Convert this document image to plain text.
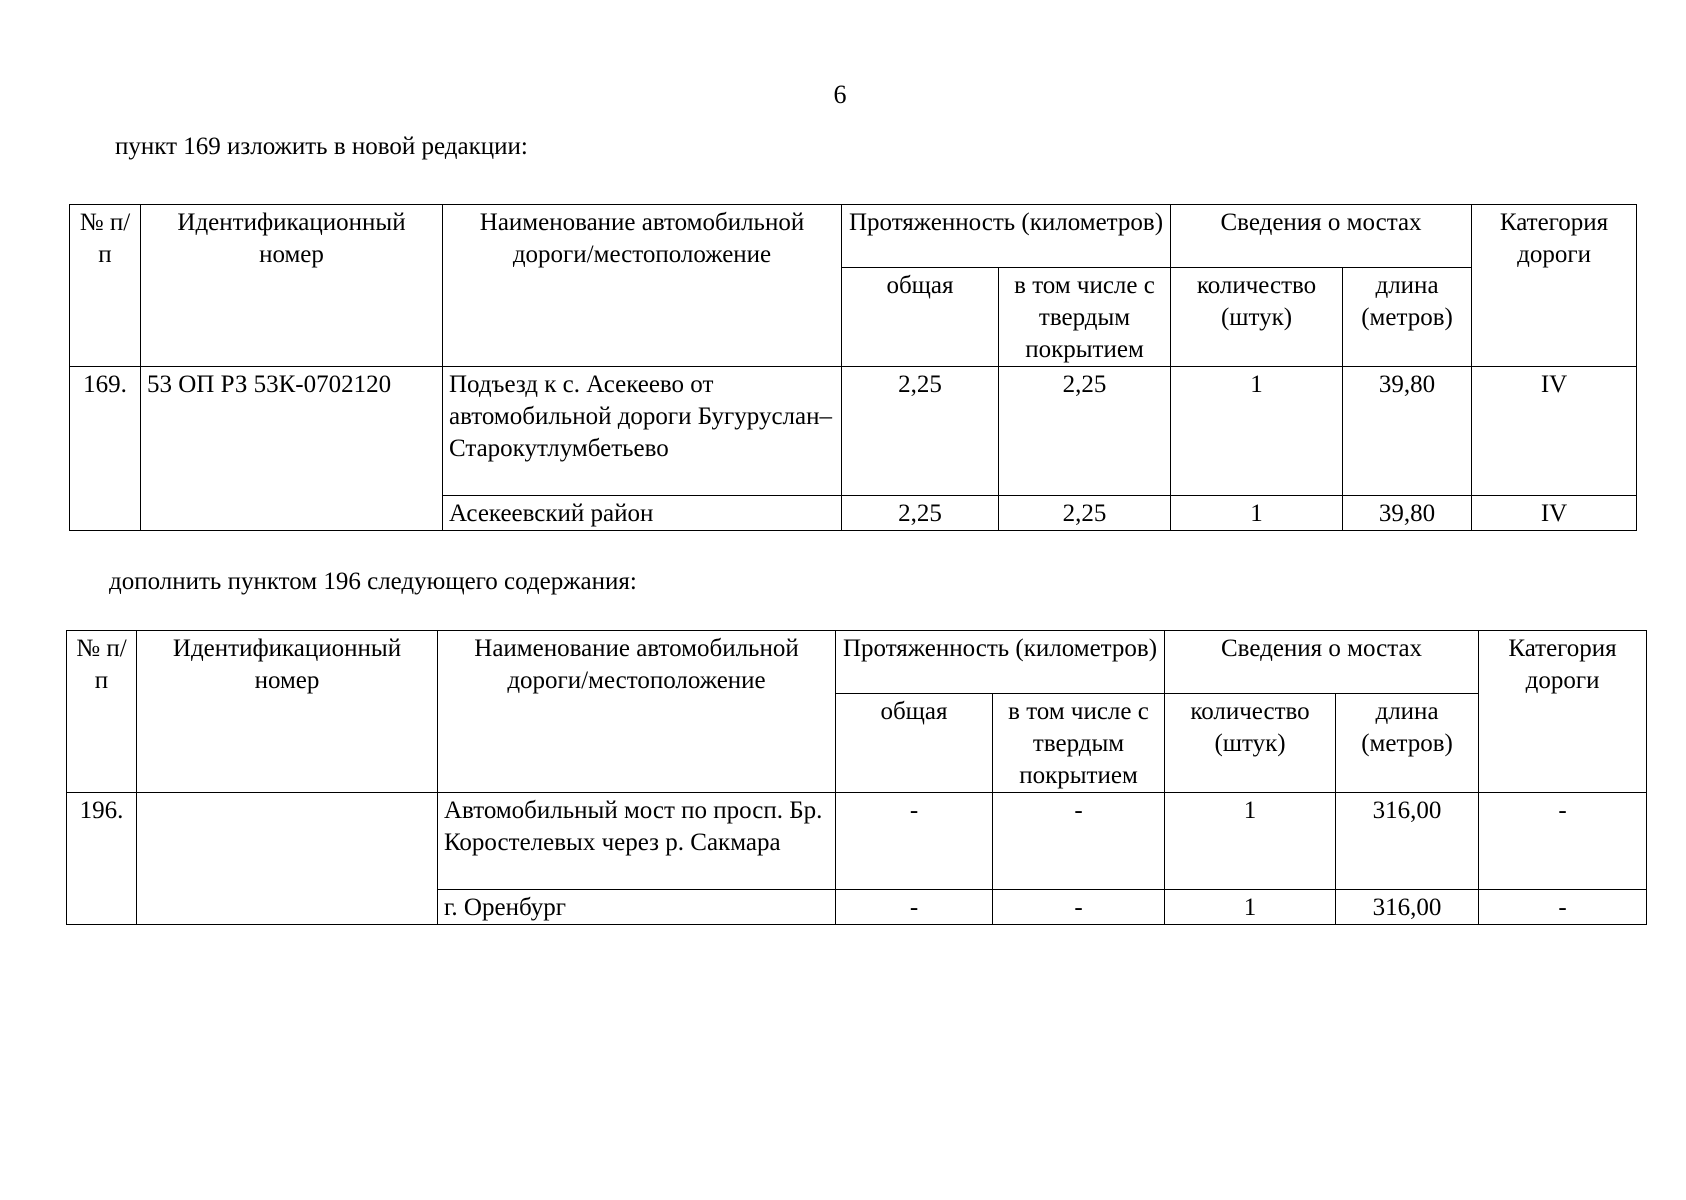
6
пункт 169 изложить в новой редакции:
№ п/п	Идентификационный номер	Наименование автомобильной дороги/местоположение	Протяженность (километров)		Сведения о мостах		Категория дороги
			общая	в том числе с твердым покрытием	количество (штук)	длина (метров)	
169.	53 ОП РЗ 53К-0702120	Подъезд к с. Асекеево от автомобильной дороги Бугуруслан–Старокутлумбетьево	2,25	2,25	1	39,80	IV
		Асекеевский район	2,25	2,25	1	39,80	IV
дополнить пунктом 196 следующего содержания:
№ п/п	Идентификационный номер	Наименование автомобильной дороги/местоположение	Протяженность (километров)		Сведения о мостах		Категория дороги
			общая	в том числе с твердым покрытием	количество (штук)	длина (метров)	
196.		Автомобильный мост по просп. Бр. Коростелевых через р. Сакмара	-	-	1	316,00	-
		г. Оренбург	-	-	1	316,00	-
